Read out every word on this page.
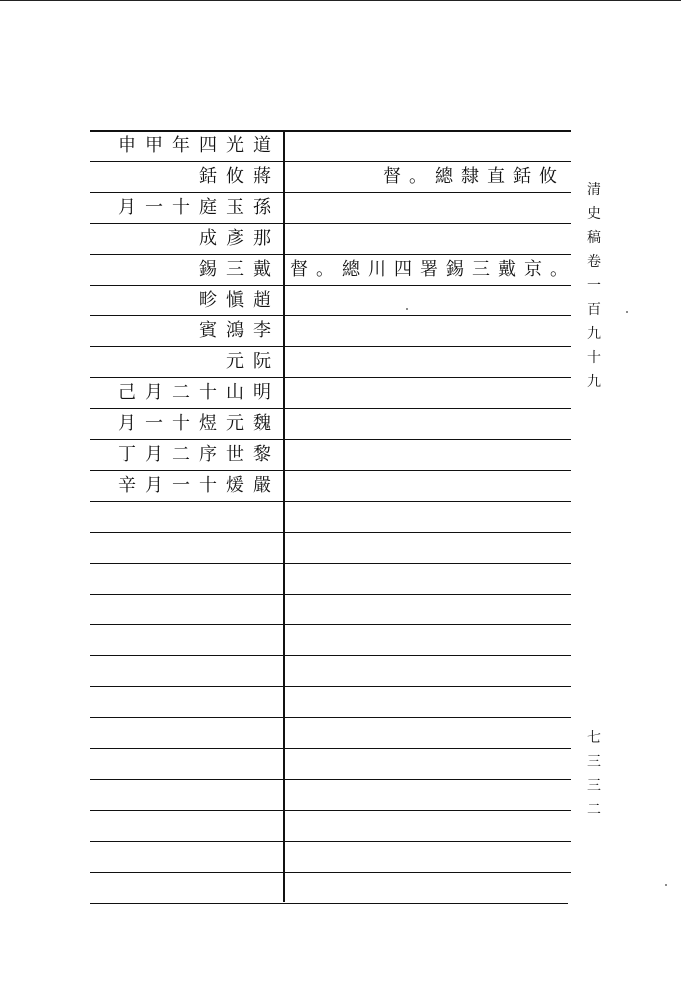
申甲年四光道
銛攸蔣	督。總隸直銛攸
月一十庭玉孫
成彥那
錫三戴 督。總川四署錫三戴京。
畛愼趙
賓鴻李
元阮
己月二十山明
月一十煜元魏
丁月二序世黎
辛月一十煖嚴
清史稿卷一百九十九
七三三二
